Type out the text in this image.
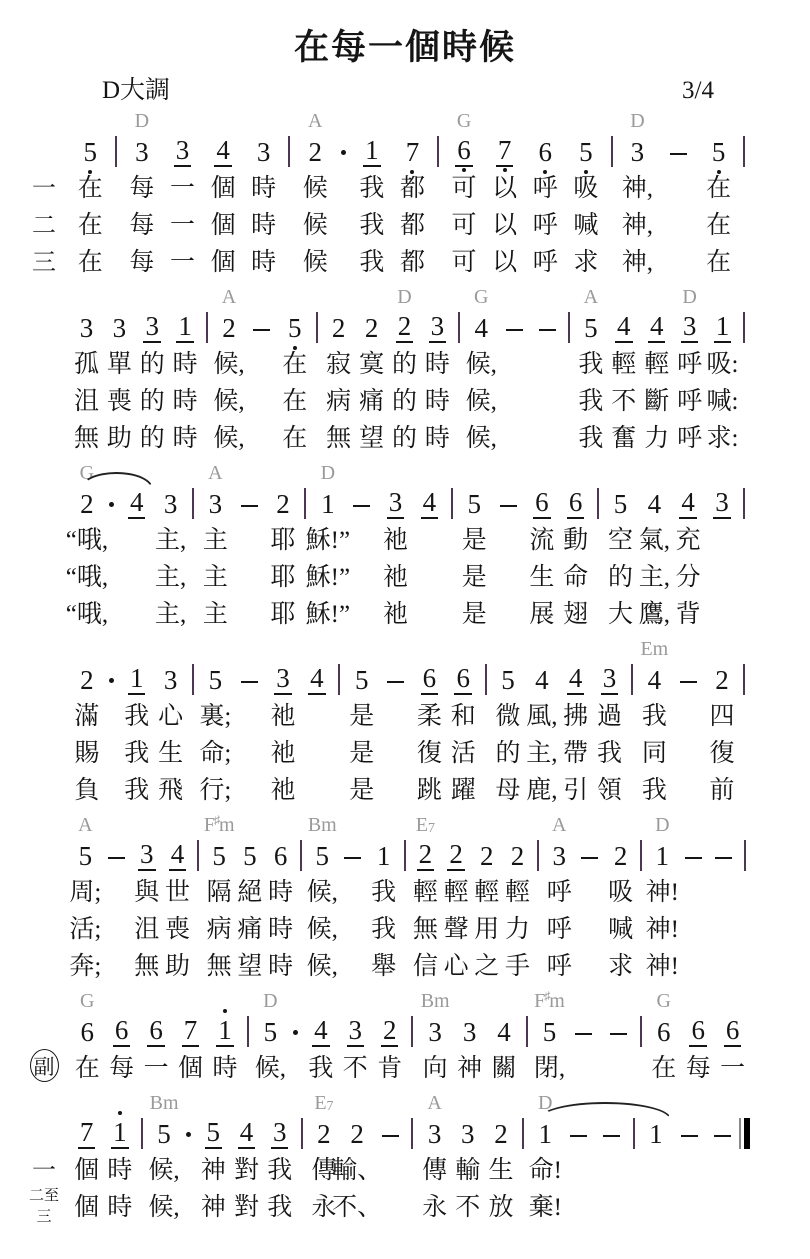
在每一個時候
D大調	3/4
5
在
在
在
D
3
每
每
每
3
一
一
一
4
個
個
個
3
時
時
時
A
2
候
候
候
1
我
我
我
7
都
都
都
G
6
可
可
可
7
以
以
以
6
呼
呼
呼
5
吸
喊
求
D
3
神,
神,
神,
5
在
在
在
一
二
三
3
孤
沮
無
3
單
喪
助
3
的
的
的
1
時
時
時
A
2
候,
候,
候,
5
在
在
在
2
寂
病
無
2
寞
痛
望
D
2
的
的
的
3
時
時
時
G
4
候,
候,
候,
A
5
我
我
我
4
輕
不
奮
4
輕
斷
力
D
3
呼
呼
呼
1
吸:
喊:
求:
G
2
“哦,
“哦,
“哦,
4 3
主,
主,
主,
A
3
主
主
主
2
耶
耶
耶
D
1
穌!”
穌!”
穌!”
3
祂
祂
祂
4 5
是
是
是
6
流
生
展
6
動
命
翅
5
空
的
大
4
氣,
主,
鷹,
4
充
分
背
3
2
滿
賜
負
1
我
我
我
3
心
生
飛
5
裏;
命;
行;
3
祂
祂
祂
4 5
是
是
是
6
柔
復
跳
6
和
活
躍
5
微
的
母
4
風,
主,
鹿,
4
拂
帶
引
3
過
我
領
Em
4
我
同
我
2
四
復
前
A
5
周;
活;
奔;
3
與
沮
無
4
世
喪
助
F♯m
5
隔
病
無
5
絕
痛
望
6
時
時
時
Bm
5
候,
候,
候,
1
我
我
舉
E7
2
輕
無
信
2
輕
聲
心
2
輕
用
之
2
輕
力
手
A
3
呼
呼
呼
2
吸
喊
求
D
1
神!
神!
神!
G
6
在
6
每
6
一
7
個
1
時
D
5
候,
4
我
3
不
2
肯
Bm
3
向
3
神
4
關
F♯m
5
閉,
G
6
在
6
每
6
一
副
7
個
個
1
時
時
Bm
5
候,
候,
5
神
神
4
對
對
3
我
我
E7
2
傳
永
2
輸、
不、
A
3
傳
永
3
輸
不
2
生
放
D
1
命!
棄!
1
一
二至三
